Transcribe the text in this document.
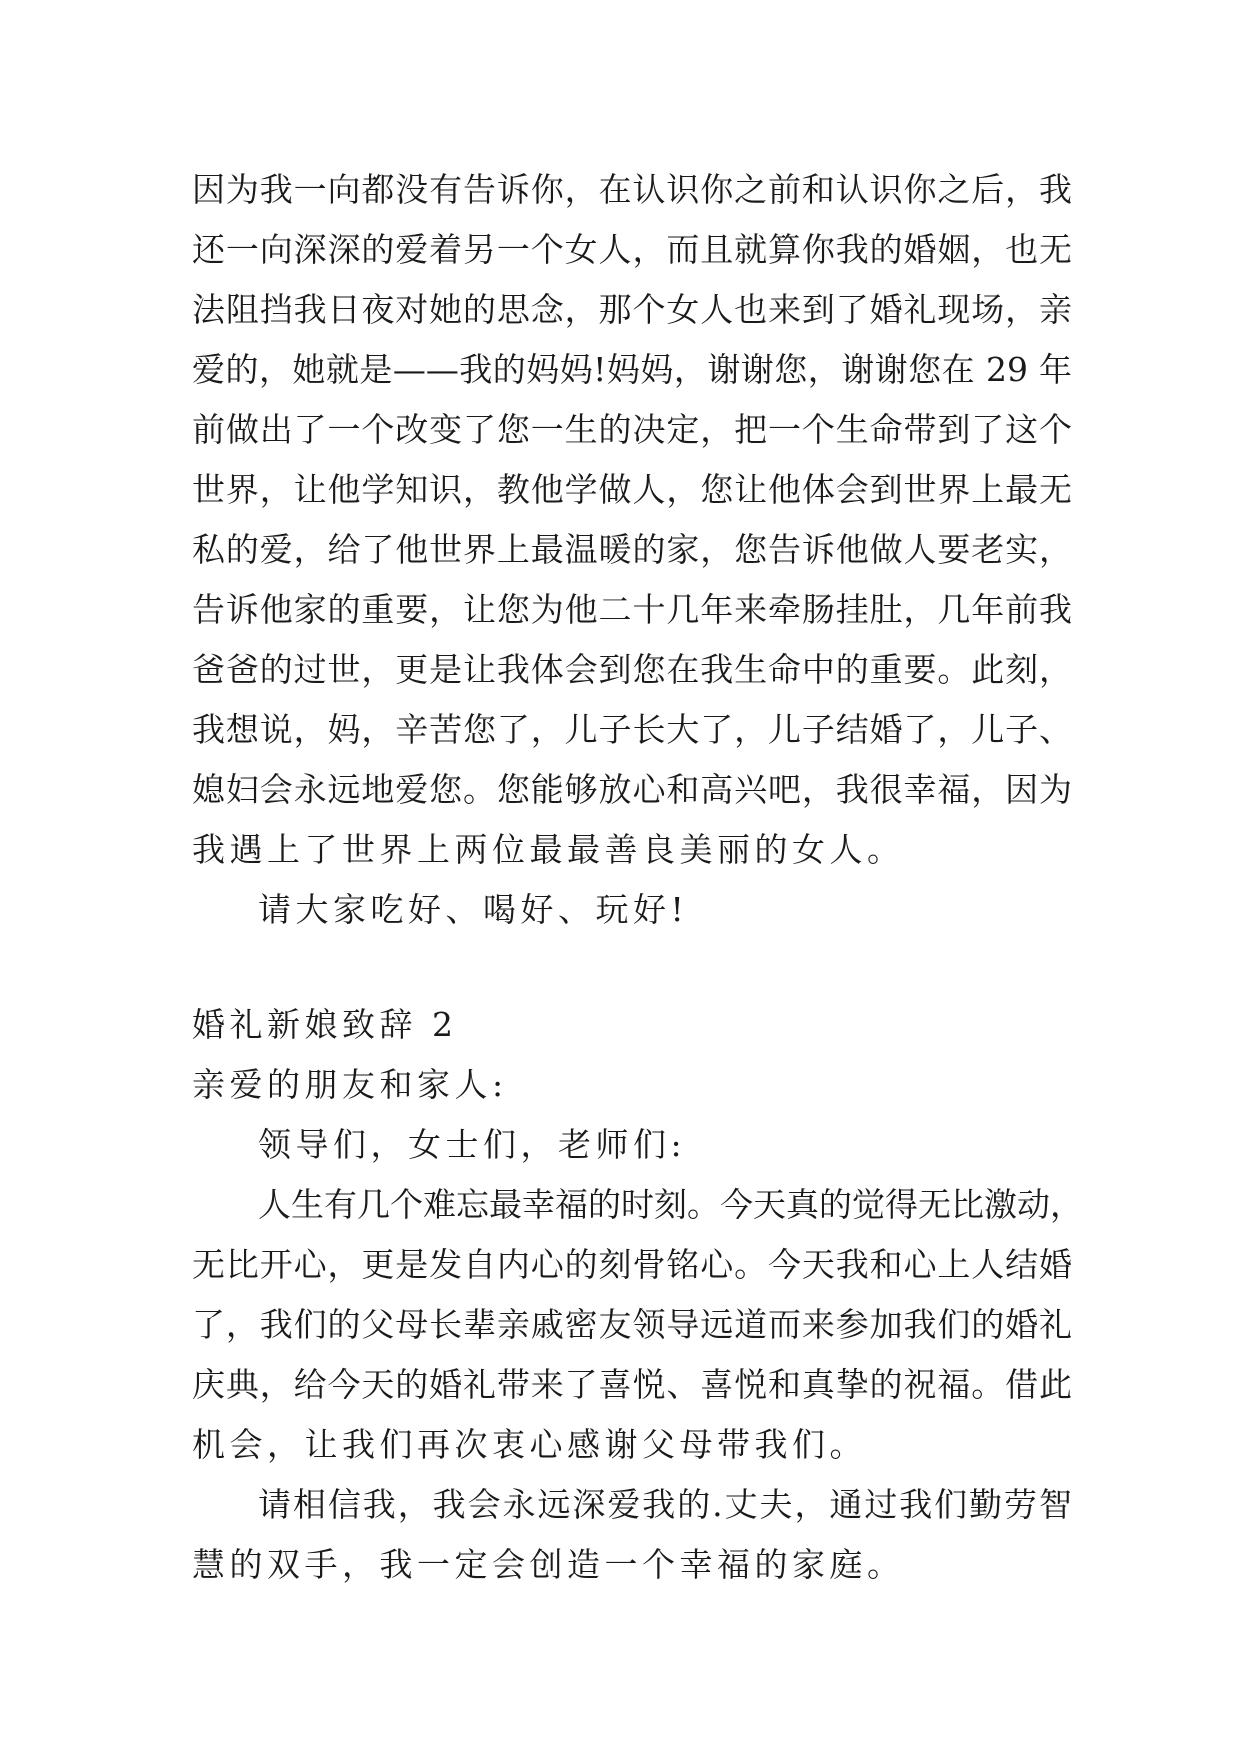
因为我一向都没有告诉你，在认识你之前和认识你之后，我
还一向深深的爱着另一个女人，而且就算你我的婚姻，也无
法阻挡我日夜对她的思念，那个女人也来到了婚礼现场，亲
爱的，她就是——我的妈妈!妈妈，谢谢您，谢谢您在 29 年
前做出了一个改变了您一生的决定，把一个生命带到了这个
世界，让他学知识，教他学做人，您让他体会到世界上最无
私的爱，给了他世界上最温暖的家，您告诉他做人要老实，
告诉他家的重要，让您为他二十几年来牵肠挂肚，几年前我
爸爸的过世，更是让我体会到您在我生命中的重要。此刻，
我想说，妈，辛苦您了，儿子长大了，儿子结婚了，儿子、
媳妇会永远地爱您。您能够放心和高兴吧，我很幸福，因为
我遇上了世界上两位最最善良美丽的女人。
请大家吃好、喝好、玩好!
婚礼新娘致辞 2
亲爱的朋友和家人:
领导们，女士们，老师们:
人生有几个难忘最幸福的时刻。今天真的觉得无比激动，
无比开心，更是发自内心的刻骨铭心。今天我和心上人结婚
了，我们的父母长辈亲戚密友领导远道而来参加我们的婚礼
庆典，给今天的婚礼带来了喜悦、喜悦和真挚的祝福。借此
机会，让我们再次衷心感谢父母带我们。
请相信我，我会永远深爱我的.丈夫，通过我们勤劳智
慧的双手，我一定会创造一个幸福的家庭。
